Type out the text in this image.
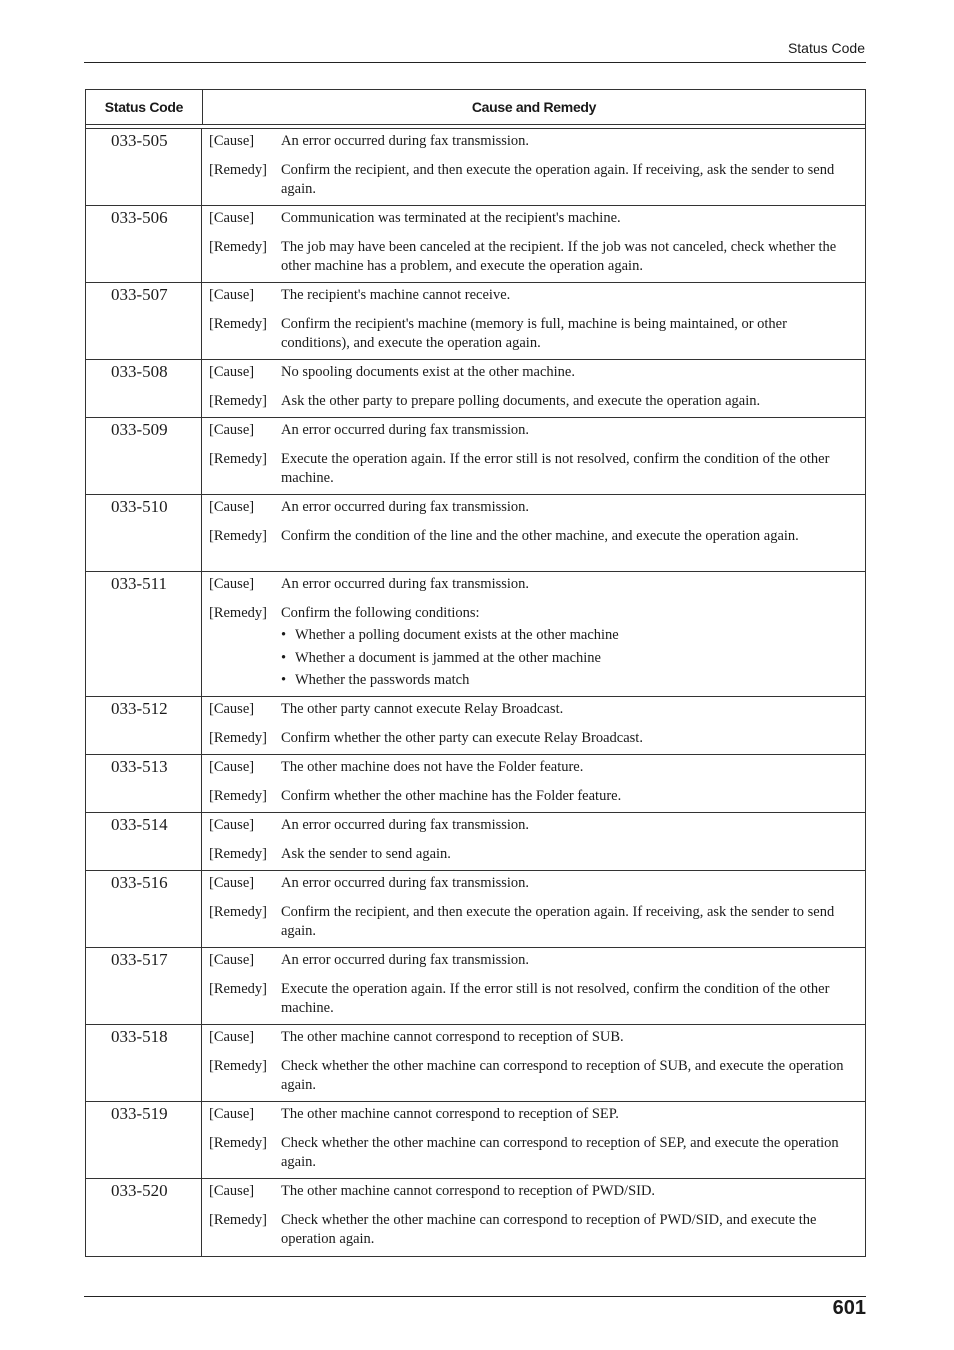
Status Code
Status Code	Cause and Remedy
033-505	[Cause]	An error occurred during fax transmission.
[Remedy] Confirm the recipient, and then execute the operation again. If receiving, ask the sender to send again.
033-506	[Cause]	Communication was terminated at the recipient's machine.
[Remedy] The job may have been canceled at the recipient. If the job was not canceled, check whether the other machine has a problem, and execute the operation again.
033-507	[Cause]	The recipient's machine cannot receive.
[Remedy] Confirm the recipient's machine (memory is full, machine is being maintained, or other conditions), and execute the operation again.
033-508	[Cause]	No spooling documents exist at the other machine.
[Remedy] Ask the other party to prepare polling documents, and execute the operation again.
033-509	[Cause]	An error occurred during fax transmission.
[Remedy] Execute the operation again. If the error still is not resolved, confirm the condition of the other machine.
033-510	[Cause]	An error occurred during fax transmission.
[Remedy] Confirm the condition of the line and the other machine, and execute the operation again.
033-511	[Cause]	An error occurred during fax transmission.
[Remedy] Confirm the following conditions:
• Whether a polling document exists at the other machine
• Whether a document is jammed at the other machine
• Whether the passwords match
033-512	[Cause]	The other party cannot execute Relay Broadcast.
[Remedy] Confirm whether the other party can execute Relay Broadcast.
033-513	[Cause]	The other machine does not have the Folder feature.
[Remedy] Confirm whether the other machine has the Folder feature.
033-514	[Cause]	An error occurred during fax transmission.
[Remedy] Ask the sender to send again.
033-516	[Cause]	An error occurred during fax transmission.
[Remedy] Confirm the recipient, and then execute the operation again. If receiving, ask the sender to send again.
033-517	[Cause]	An error occurred during fax transmission.
[Remedy] Execute the operation again. If the error still is not resolved, confirm the condition of the other machine.
033-518	[Cause]	The other machine cannot correspond to reception of SUB.
[Remedy] Check whether the other machine can correspond to reception of SUB, and execute the operation again.
033-519	[Cause]	The other machine cannot correspond to reception of SEP.
[Remedy] Check whether the other machine can correspond to reception of SEP, and execute the operation again.
033-520	[Cause]	The other machine cannot correspond to reception of PWD/SID.
[Remedy] Check whether the other machine can correspond to reception of PWD/SID, and execute the operation again.
601
